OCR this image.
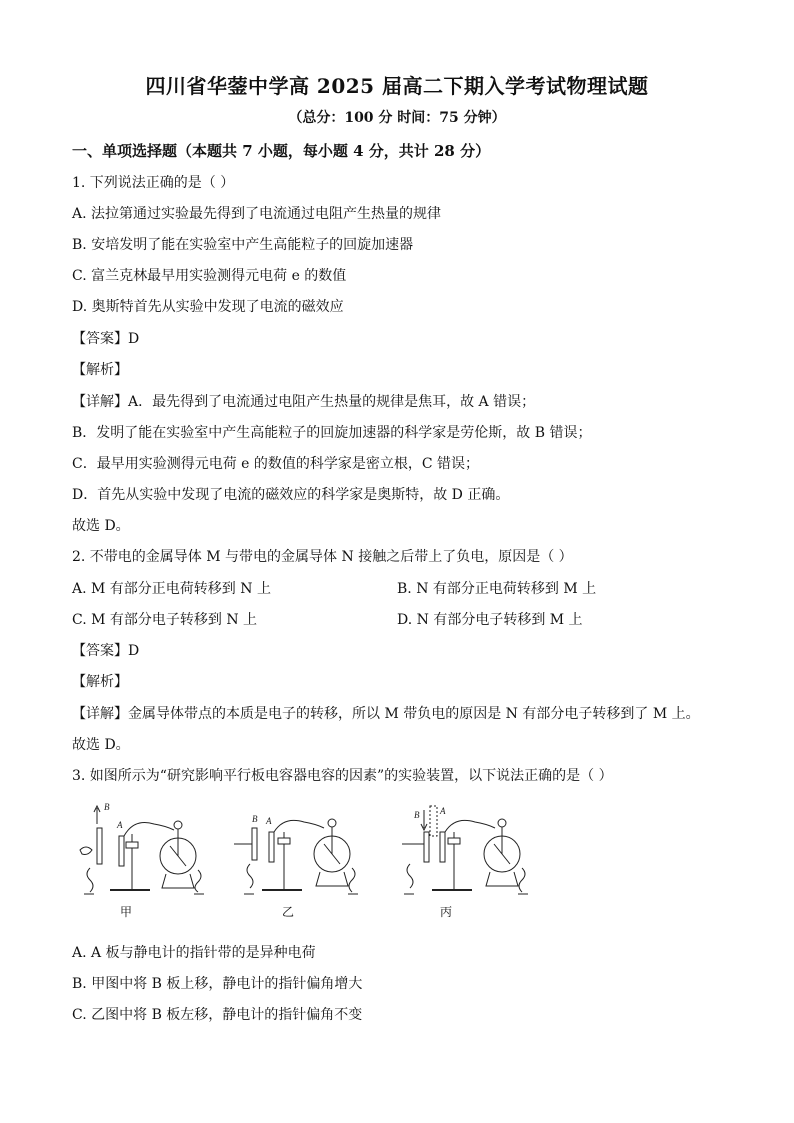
四川省华蓥中学高 2025 届高二下期入学考试物理试题
（总分：100 分 时间：75 分钟）
一、单项选择题（本题共 7 小题，每小题 4 分，共计 28 分）
1. 下列说法正确的是（ ）
A. 法拉第通过实验最先得到了电流通过电阻产生热量的规律
B. 安培发明了能在实验室中产生高能粒子的回旋加速器
C. 富兰克林最早用实验测得元电荷 e 的数值
D. 奥斯特首先从实验中发现了电流的磁效应
【答案】D
【解析】
【详解】A．最先得到了电流通过电阻产生热量的规律是焦耳，故 A 错误；
B．发明了能在实验室中产生高能粒子的回旋加速器的科学家是劳伦斯，故 B 错误；
C．最早用实验测得元电荷 e 的数值的科学家是密立根，C 错误；
D．首先从实验中发现了电流的磁效应的科学家是奥斯特，故 D 正确。
故选 D。
2. 不带电的金属导体 M 与带电的金属导体 N 接触之后带上了负电，原因是（ ）
A. M 有部分正电荷转移到 N 上	B. N 有部分正电荷转移到 M 上
C. M 有部分电子转移到 N 上	D. N 有部分电子转移到 M 上
【答案】D
【解析】
【详解】金属导体带点的本质是电子的转移，所以 M 带负电的原因是 N 有部分电子转移到了 M 上。
故选 D。
3. 如图所示为“研究影响平行板电容器电容的因素”的实验装置，以下说法正确的是（ ）
B
A
B A
B A
甲	乙	丙
A. A 板与静电计的指针带的是异种电荷
B. 甲图中将 B 板上移，静电计的指针偏角增大
C. 乙图中将 B 板左移，静电计的指针偏角不变
